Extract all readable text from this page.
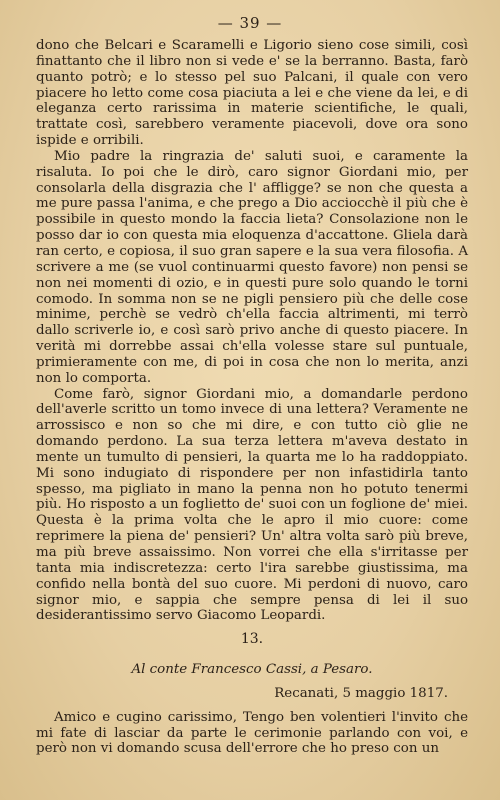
— 39 —

dono che Belcari e Scaramelli e Ligorio sieno cose simili, così finattanto che il libro non si vede e' se la berranno. Basta, farò quanto potrò; e lo stesso pel suo Palcani, il quale con vero piacere ho letto come cosa piaciuta a lei e che viene da lei, e di eleganza certo rarissima in materie scientifiche, le quali, trattate così, sarebbero veramente piacevoli, dove ora sono ispide e orribili.

Mio padre la ringrazia de' saluti suoi, e caramente la risaluta. Io poi che le dirò, caro signor Giordani mio, per consolarla della disgrazia che l' affligge? se non che questa a me pure passa l'anima, e che prego a Dio acciocchè il più che è possibile in questo mondo la faccia lieta? Consolazione non le posso dar io con questa mia eloquenza d'accattone. Gliela darà ran certo, e copiosa, il suo gran sapere e la sua vera filosofia. A scrivere a me (se vuol continuarmi questo favore) non pensi se non nei momenti di ozio, e in questi pure solo quando le torni comodo. In somma non se ne pigli pensiero più che delle cose minime, perchè se vedrò ch'ella faccia altrimenti, mi terrò dallo scriverle io, e così sarò privo anche di questo piacere. In verità mi dorrebbe assai ch'ella volesse stare sul puntuale, primieramente con me, di poi in cosa che non lo merita, anzi non lo comporta.

Come farò, signor Giordani mio, a domandarle perdono dell'averle scritto un tomo invece di una lettera? Veramente ne arrossisco e non so che mi dire, e con tutto ciò glie ne domando perdono. La sua terza lettera m'aveva destato in mente un tumulto di pensieri, la quarta me lo ha raddoppiato. Mi sono indugiato di rispondere per non infastidirla tanto spesso, ma pigliato in mano la penna non ho potuto tenermi più. Ho risposto a un foglietto de' suoi con un foglione de' miei. Questa è la prima volta che le apro il mio cuore: come reprimere la piena de' pensieri? Un' altra volta sarò più breve, ma più breve assaissimo. Non vorrei che ella s'irritasse per tanta mia indiscretezza: certo l'ira sarebbe giustissima, ma confido nella bontà del suo cuore. Mi perdoni di nuovo, caro signor mio, e sappia che sempre pensa di lei il suo desiderantissimo servo Giacomo Leopardi.

13.
Al conte Francesco Cassi, a Pesaro.
Recanati, 5 maggio 1817.

Amico e cugino carissimo, Tengo ben volentieri l'invito che mi fate di lasciar da parte le cerimonie parlando con voi, e però non vi domando scusa dell'errore che ho preso con un
